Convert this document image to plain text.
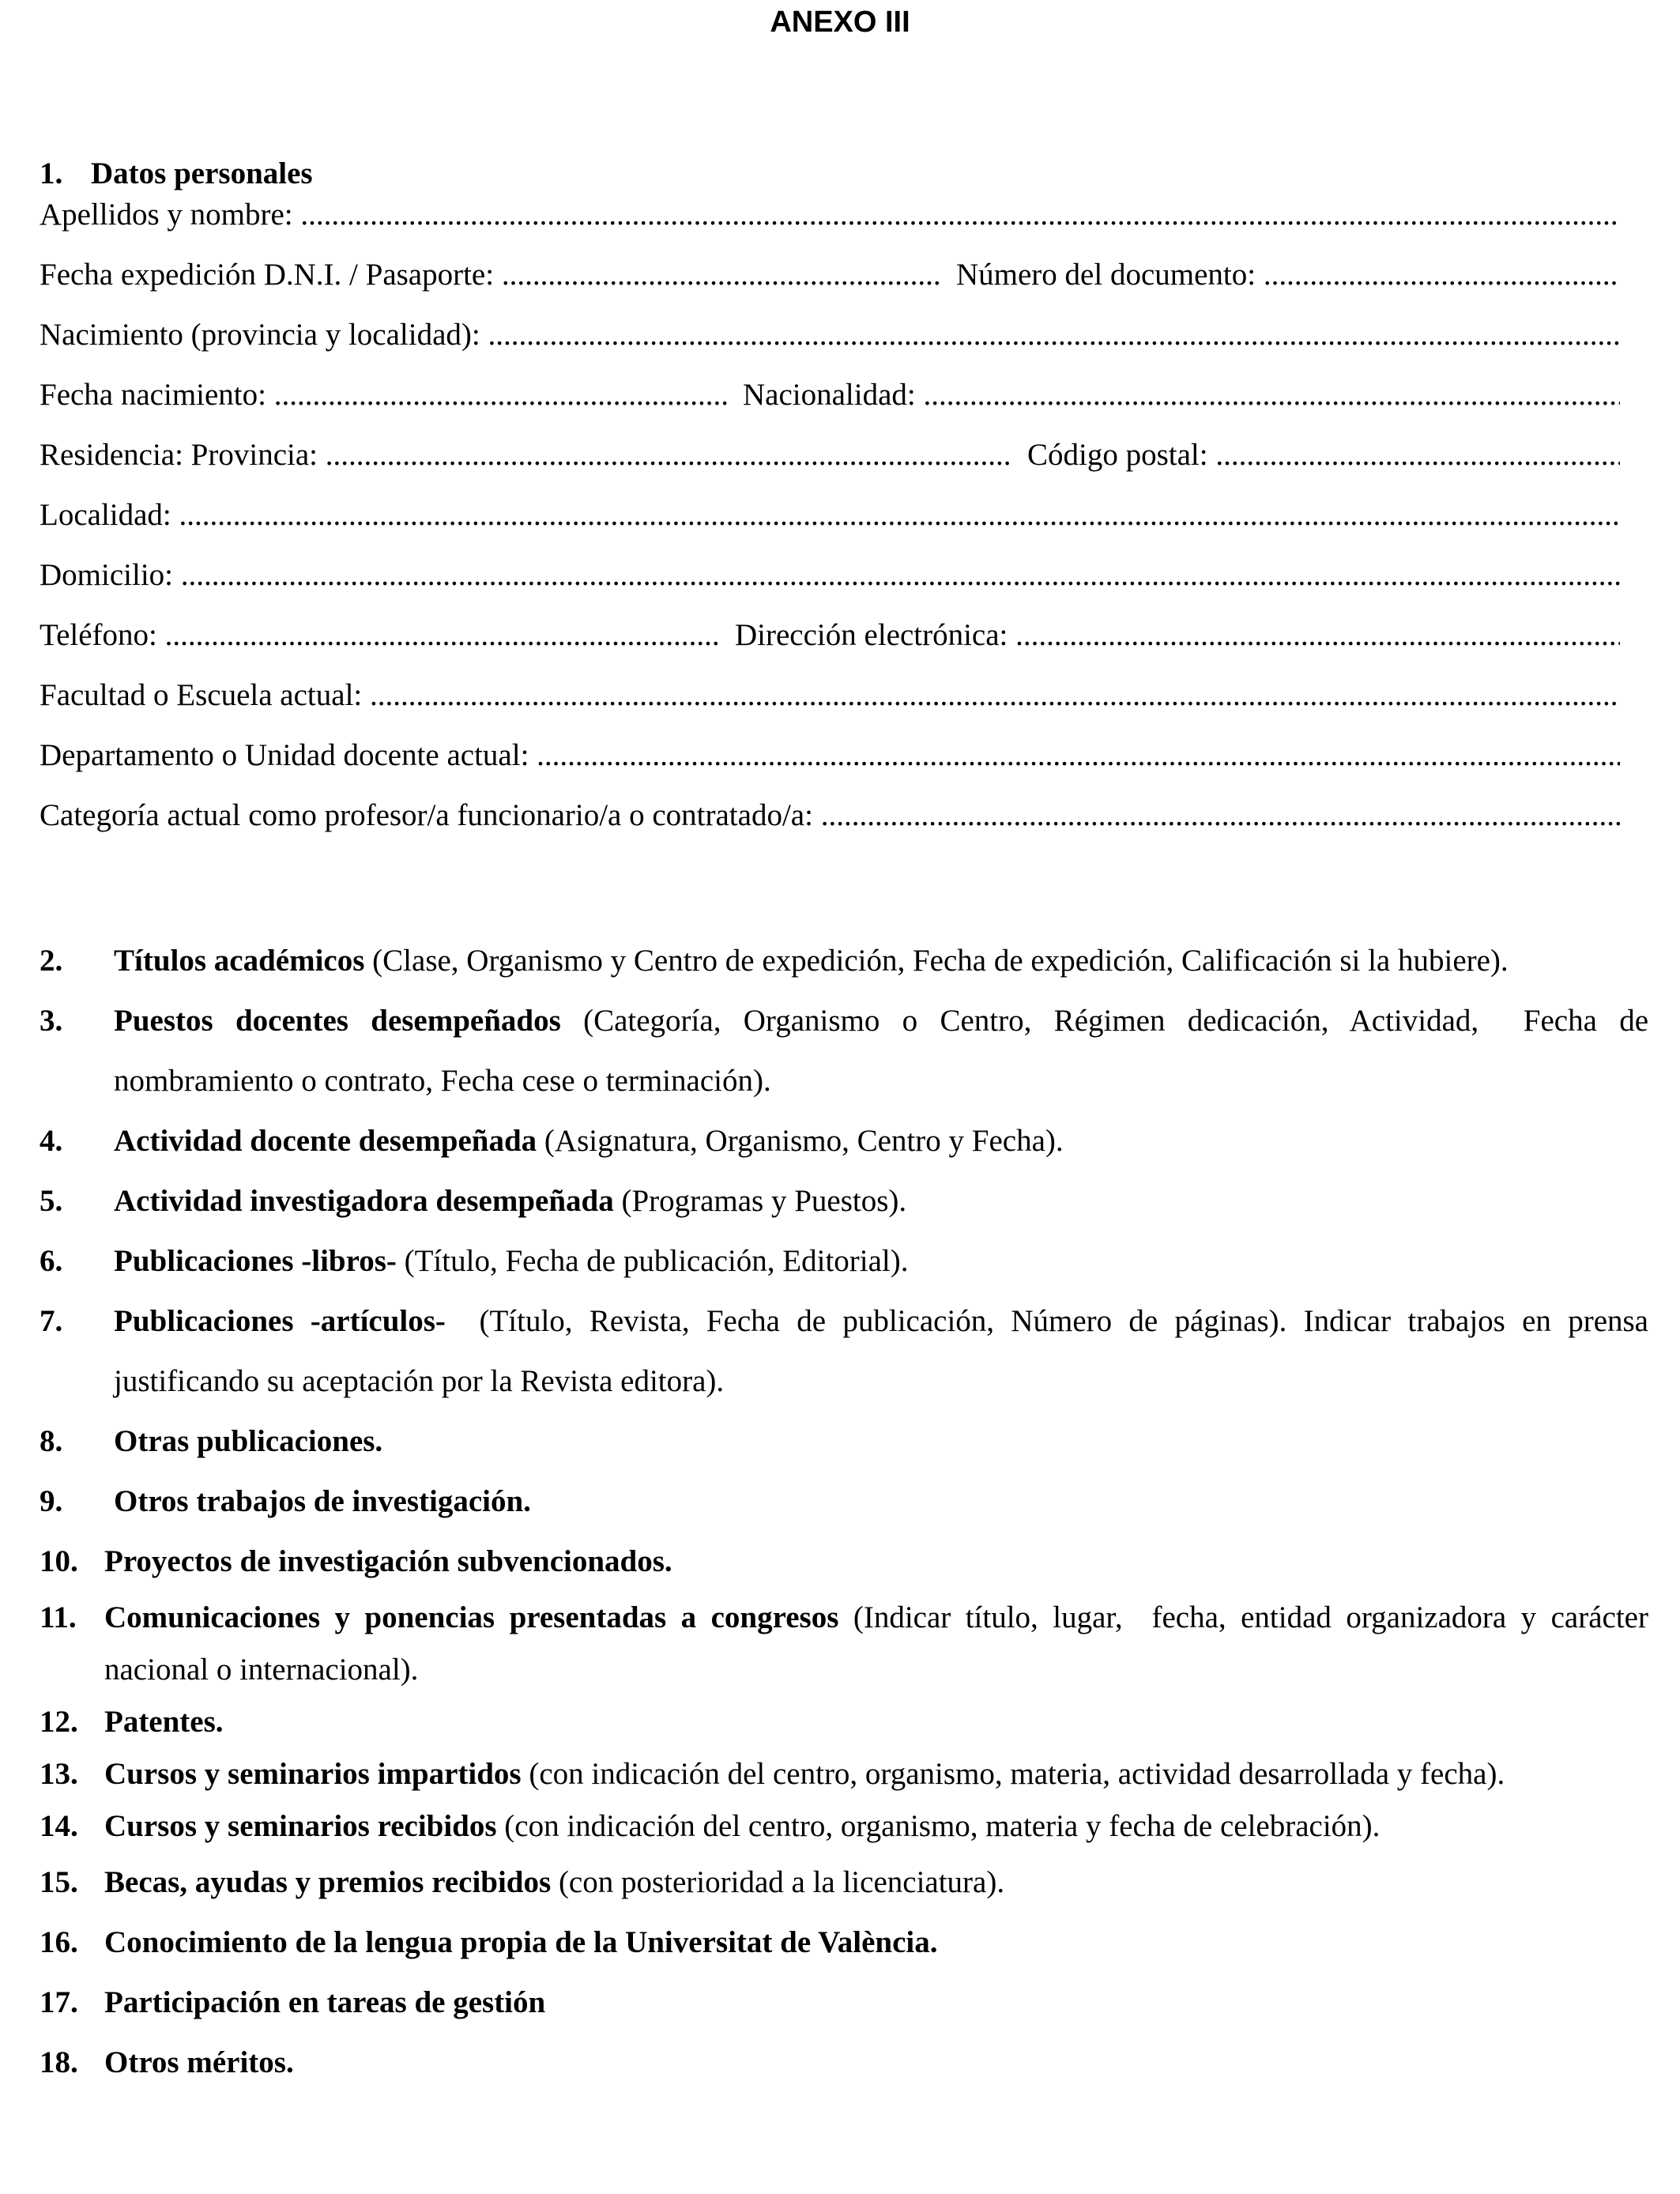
ANEXO III
1. Datos personales
Apellidos y nombre:
.....
Fecha expedición D.N.I. / Pasaporte: .....	Número del documento:
.....
Nacimiento (provincia y localidad):
.....
Fecha nacimiento: .....	Nacionalidad:
.....
Residencia: Provincia: .....	Código postal:
.....
Localidad:
.....
Domicilio:
.....
Teléfono: .....	Dirección electrónica:
.....
Facultad o Escuela actual:
.....
Departamento o Unidad docente actual:
.....
Categoría actual como profesor/a funcionario/a o contratado/a:
.....
2.	Títulos académicos (Clase, Organismo y Centro de expedición, Fecha de expedición, Calificación si la hubiere).
3.	Puestos docentes desempeñados (Categoría, Organismo o Centro, Régimen dedicación, Actividad,  Fecha de nombramiento o contrato, Fecha cese o terminación).
4.	Actividad docente desempeñada (Asignatura, Organismo, Centro y Fecha).
5.	Actividad investigadora desempeñada (Programas y Puestos).
6.	Publicaciones -libros- (Título, Fecha de publicación, Editorial).
7.	Publicaciones -artículos-  (Título, Revista, Fecha de publicación, Número de páginas). Indicar trabajos en prensa justificando su aceptación por la Revista editora).
8.	Otras publicaciones.
9.	Otros trabajos de investigación.
10. Proyectos de investigación subvencionados.
11. Comunicaciones y ponencias presentadas a congresos (Indicar título, lugar,  fecha, entidad organizadora y carácter nacional o internacional).
12. Patentes.
13. Cursos y seminarios impartidos (con indicación del centro, organismo, materia, actividad desarrollada y fecha).
14. Cursos y seminarios recibidos (con indicación del centro, organismo, materia y fecha de celebración).
15. Becas, ayudas y premios recibidos (con posterioridad a la licenciatura).
16. Conocimiento de la lengua propia de la Universitat de València.
17. Participación en tareas de gestión
18. Otros méritos.
